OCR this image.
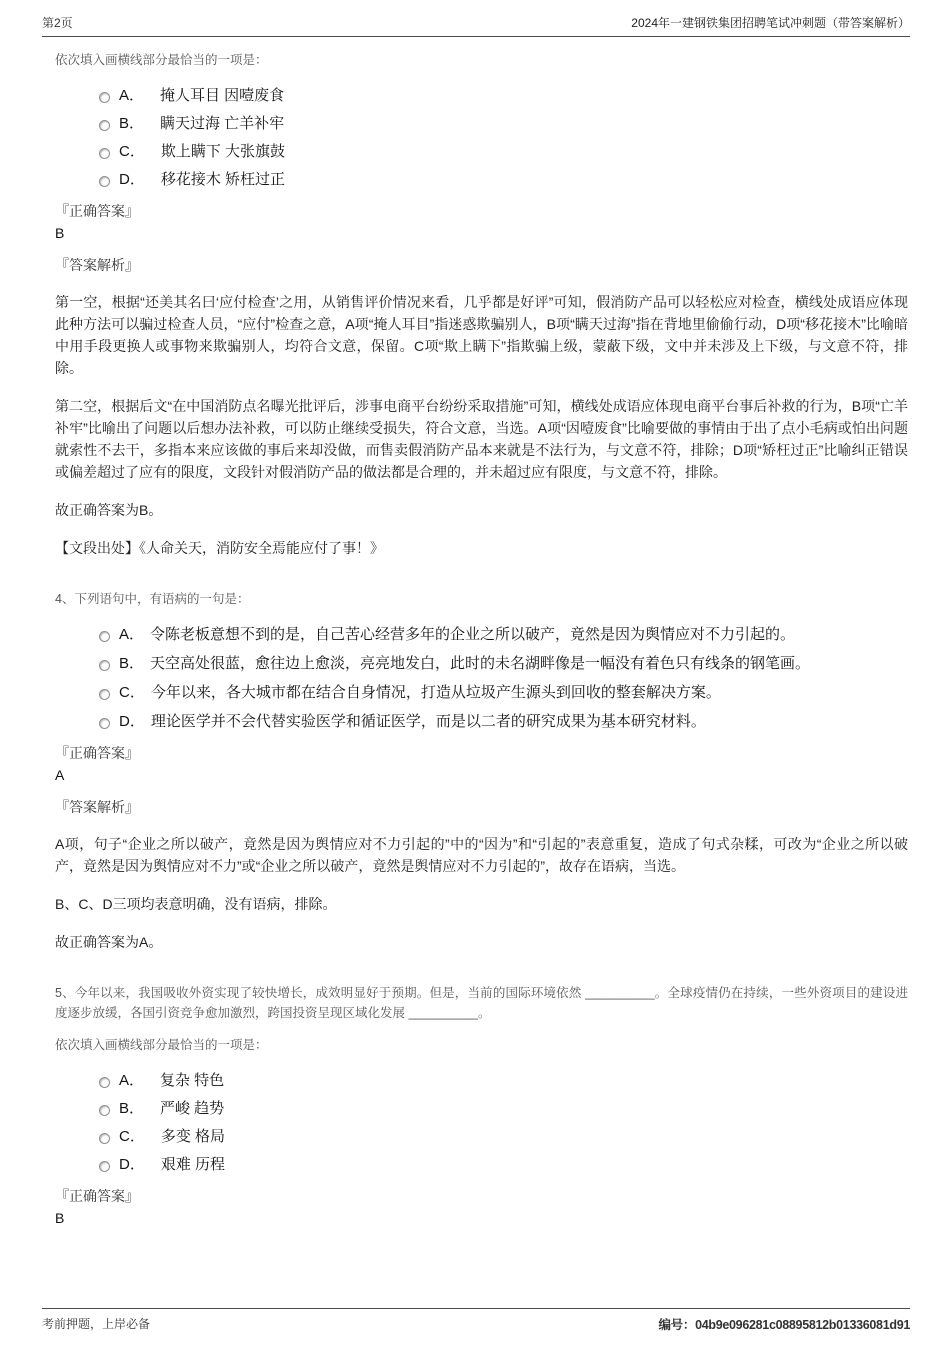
第2页	2024年一建钢铁集团招聘笔试冲刺题（带答案解析）

依次填入画横线部分最恰当的一项是：

A． 掩人耳目 因噎废食
B． 瞒天过海 亡羊补牢
C． 欺上瞒下 大张旗鼓
D． 移花接木 矫枉过正
『正确答案』
B
『答案解析』

第一空，根据“还美其名曰‘应付检查’之用，从销售评价情况来看，几乎都是好评”可知，假消防产品可以轻松应对检查，横线处成语应体现此种方法可以骗过检查人员，“应付”检查之意，A项“掩人耳目”指迷惑欺骗别人，B项“瞒天过海”指在背地里偷偷行动，D项“移花接木”比喻暗中用手段更换人或事物来欺骗别人，均符合文意，保留。C项“欺上瞒下”指欺骗上级，蒙蔽下级，文中并未涉及上下级，与文意不符，排除。

第二空，根据后文“在中国消防点名曝光批评后，涉事电商平台纷纷采取措施”可知，横线处成语应体现电商平台事后补救的行为，B项“亡羊补牢”比喻出了问题以后想办法补救，可以防止继续受损失，符合文意，当选。A项“因噎废食”比喻要做的事情由于出了点小毛病或怕出问题就索性不去干，多指本来应该做的事后来却没做，而售卖假消防产品本来就是不法行为，与文意不符，排除；D项“矫枉过正”比喻纠正错误或偏差超过了应有的限度，文段针对假消防产品的做法都是合理的，并未超过应有限度，与文意不符，排除。

故正确答案为B。

【文段出处】《人命关天，消防安全焉能应付了事！》

4、下列语句中，有语病的一句是：

A． 令陈老板意想不到的是，自己苦心经营多年的企业之所以破产，竟然是因为舆情应对不力引起的。
B． 天空高处很蓝，愈往边上愈淡，亮亮地发白，此时的未名湖畔像是一幅没有着色只有线条的钢笔画。
C． 今年以来，各大城市都在结合自身情况，打造从垃圾产生源头到回收的整套解决方案。
D． 理论医学并不会代替实验医学和循证医学，而是以二者的研究成果为基本研究材料。
『正确答案』
A
『答案解析』

A项，句子“企业之所以破产，竟然是因为舆情应对不力引起的”中的“因为”和“引起的”表意重复，造成了句式杂糅，可改为“企业之所以破产，竟然是因为舆情应对不力”或“企业之所以破产，竟然是舆情应对不力引起的”，故存在语病，当选。

B、C、D三项均表意明确，没有语病，排除。

故正确答案为A。

5、今年以来，我国吸收外资实现了较快增长，成效明显好于预期。但是，当前的国际环境依然 __________。全球疫情仍在持续，一些外资项目的建设进度逐步放缓，各国引资竞争愈加激烈，跨国投资呈现区域化发展 __________。

依次填入画横线部分最恰当的一项是：

A． 复杂 特色
B． 严峻 趋势
C． 多变 格局
D． 艰难 历程
『正确答案』
B
考前押题，上岸必备	编号：04b9e096281c08895812b01336081d91
